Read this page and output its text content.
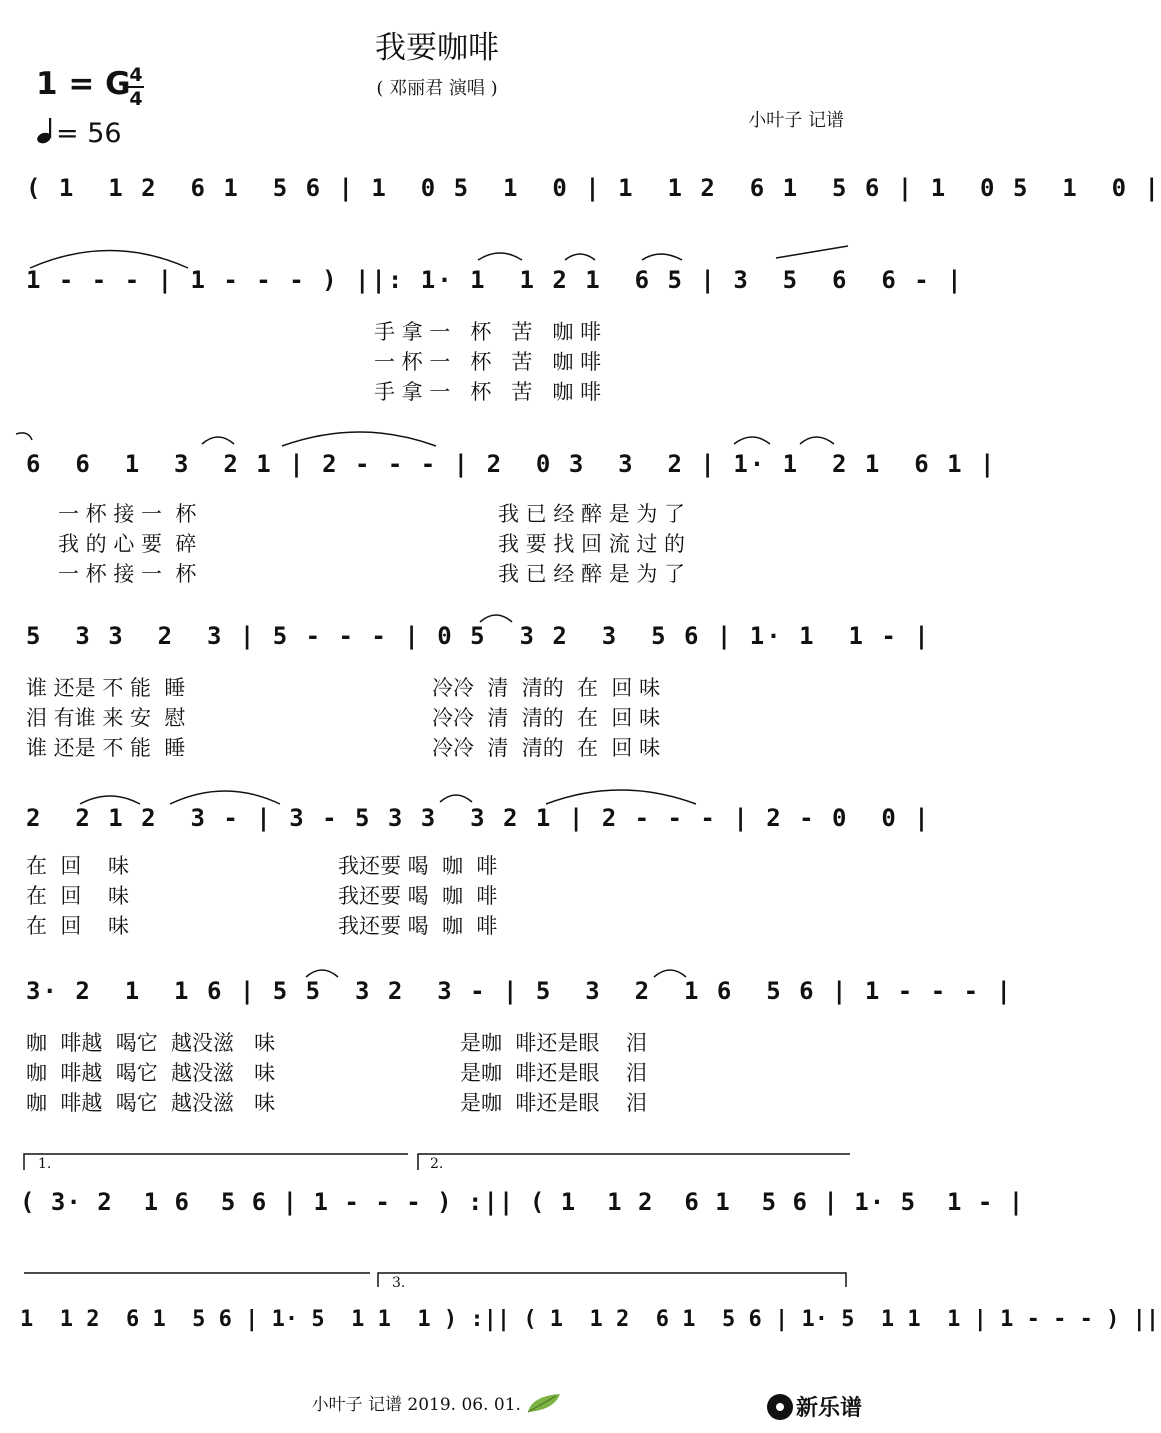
我要咖啡
( 邓丽君 演唱 )
1 = G
4
4
= 56	小叶子 记谱
( 1  1 2  6 1  5 6 | 1  0 5  1  0 | 1  1 2  6 1  5 6 | 1  0 5  1  0 |
1 - - - | 1 - - - ) ||: 1· 1  1 2 1  6 5 | 3  5  6  6 - |
手 拿 一   杯   苦   咖 啡
一 杯 一   杯   苦   咖 啡
手 拿 一   杯   苦   咖 啡
6  6  1  3  2 1 | 2 - - - | 2  0 3  3  2 | 1· 1  2 1  6 1 |
一 杯 接 一  杯
我 的 心 要  碎
一 杯 接 一  杯
我 已 经 醉 是 为 了
我 要 找 回 流 过 的
我 已 经 醉 是 为 了
5  3 3  2  3 | 5 - - - | 0 5  3 2  3  5 6 | 1· 1  1 - |
谁 还是 不 能  睡
泪 有谁 来 安  慰
谁 还是 不 能  睡
冷冷  清  清的  在  回 味
冷冷  清  清的  在  回 味
冷冷  清  清的  在  回 味
2  2 1 2  3 - | 3 - 5 3 3  3 2 1 | 2 - - - | 2 - 0  0 |
在  回    味
在  回    味
在  回    味
我还要 喝  咖  啡
我还要 喝  咖  啡
我还要 喝  咖  啡
3· 2  1  1 6 | 5 5  3 2  3 - | 5  3  2  1 6  5 6 | 1 - - - |
咖  啡越  喝它  越没滋   味
咖  啡越  喝它  越没滋   味
咖  啡越  喝它  越没滋   味
是咖  啡还是眼    泪
是咖  啡还是眼    泪
是咖  啡还是眼    泪
1.	2.
( 3· 2  1 6  5 6 | 1 - - - ) :|| ( 1  1 2  6 1  5 6 | 1· 5  1 - |
3.
1  1 2  6 1  5 6 | 1· 5  1 1  1 ) :|| ( 1  1 2  6 1  5 6 | 1· 5  1 1  1 | 1 - - - ) ||
小叶子 记谱 2019. 06. 01.	新乐谱
